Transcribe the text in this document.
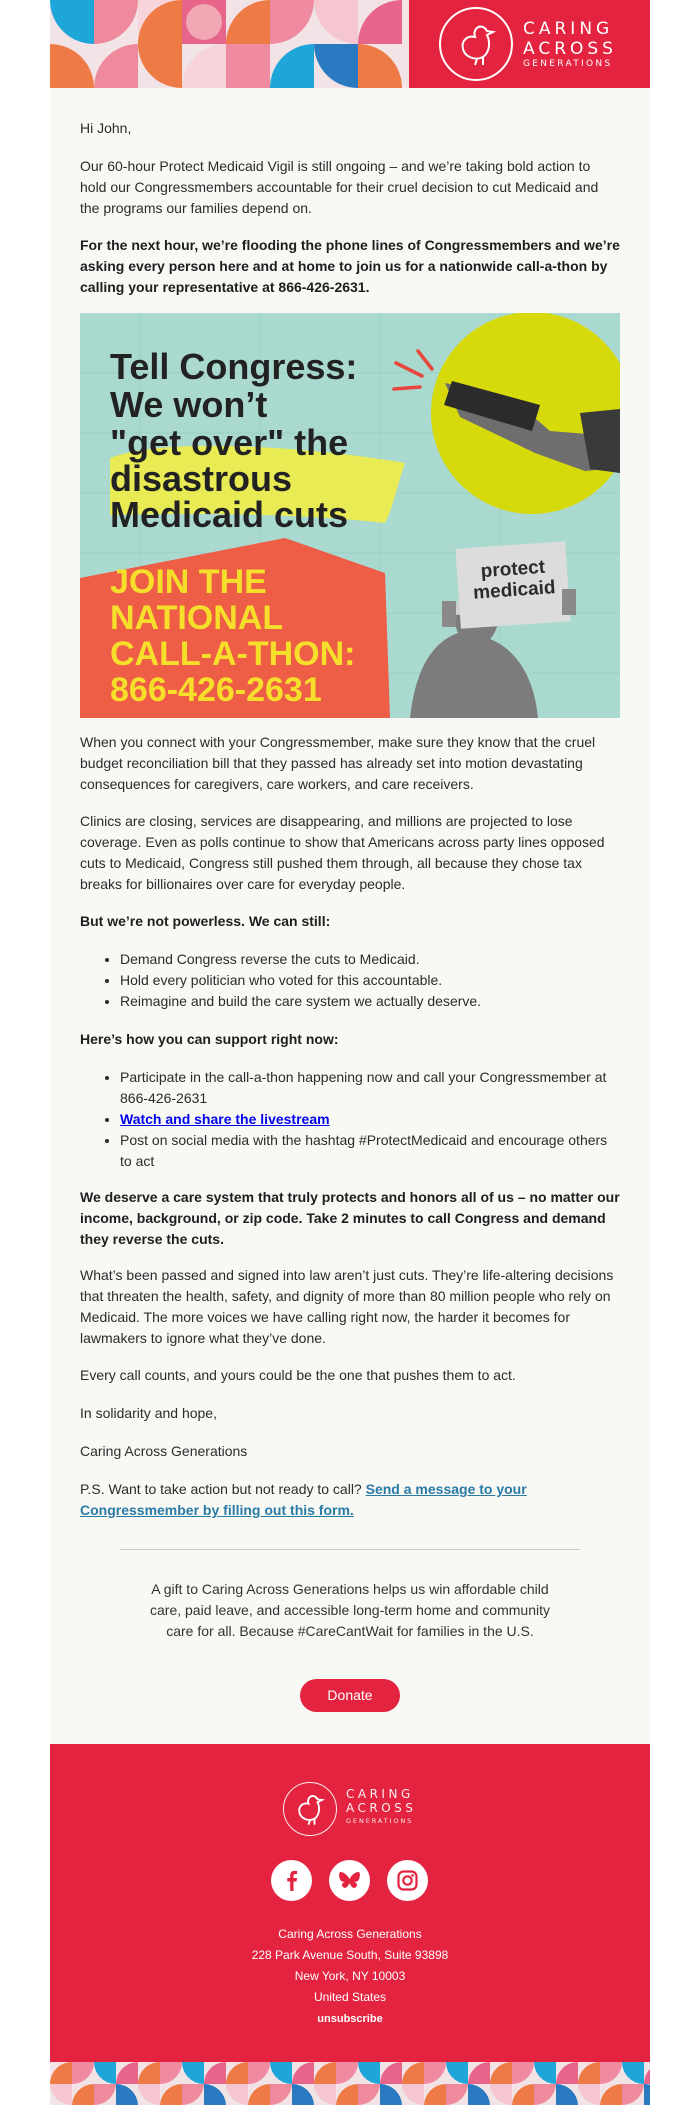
CARING
ACROSS
GENERATIONS
Hi John,
Our 60-hour Protect Medicaid Vigil is still ongoing – and we’re taking bold action to hold our Congressmembers accountable for their cruel decision to cut Medicaid and the programs our families depend on.
For the next hour, we’re flooding the phone lines of Congressmembers and we’re asking every person here and at home to join us for a nationwide call-a-thon by calling your representative at 866-426-2631.
Tell Congress:
We won’t
"get over" the
disastrous
Medicaid cuts
JOIN THE
NATIONAL
CALL-A-THON:
866-426-2631
protect
medicaid
When you connect with your Congressmember, make sure they know that the cruel budget reconciliation bill that they passed has already set into motion devastating consequences for caregivers, care workers, and care receivers.
Clinics are closing, services are disappearing, and millions are projected to lose coverage. Even as polls continue to show that Americans across party lines opposed cuts to Medicaid, Congress still pushed them through, all because they chose tax breaks for billionaires over care for everyday people.
But we’re not powerless. We can still:
• Demand Congress reverse the cuts to Medicaid.
• Hold every politician who voted for this accountable.
• Reimagine and build the care system we actually deserve.
Here’s how you can support right now:
• Participate in the call-a-thon happening now and call your Congressmember at 866-426-2631
• Watch and share the livestream
• Post on social media with the hashtag #ProtectMedicaid and encourage others to act
We deserve a care system that truly protects and honors all of us – no matter our income, background, or zip code. Take 2 minutes to call Congress and demand they reverse the cuts.
What’s been passed and signed into law aren’t just cuts. They’re life-altering decisions that threaten the health, safety, and dignity of more than 80 million people who rely on Medicaid. The more voices we have calling right now, the harder it becomes for lawmakers to ignore what they’ve done.
Every call counts, and yours could be the one that pushes them to act.
In solidarity and hope,
Caring Across Generations
P.S. Want to take action but not ready to call? Send a message to your Congressmember by filling out this form.
A gift to Caring Across Generations helps us win affordable child care, paid leave, and accessible long-term home and community care for all. Because #CareCantWait for families in the U.S.
Donate
CARING
ACROSS
GENERATIONS
Caring Across Generations
228 Park Avenue South, Suite 93898
New York, NY 10003
United States
unsubscribe
